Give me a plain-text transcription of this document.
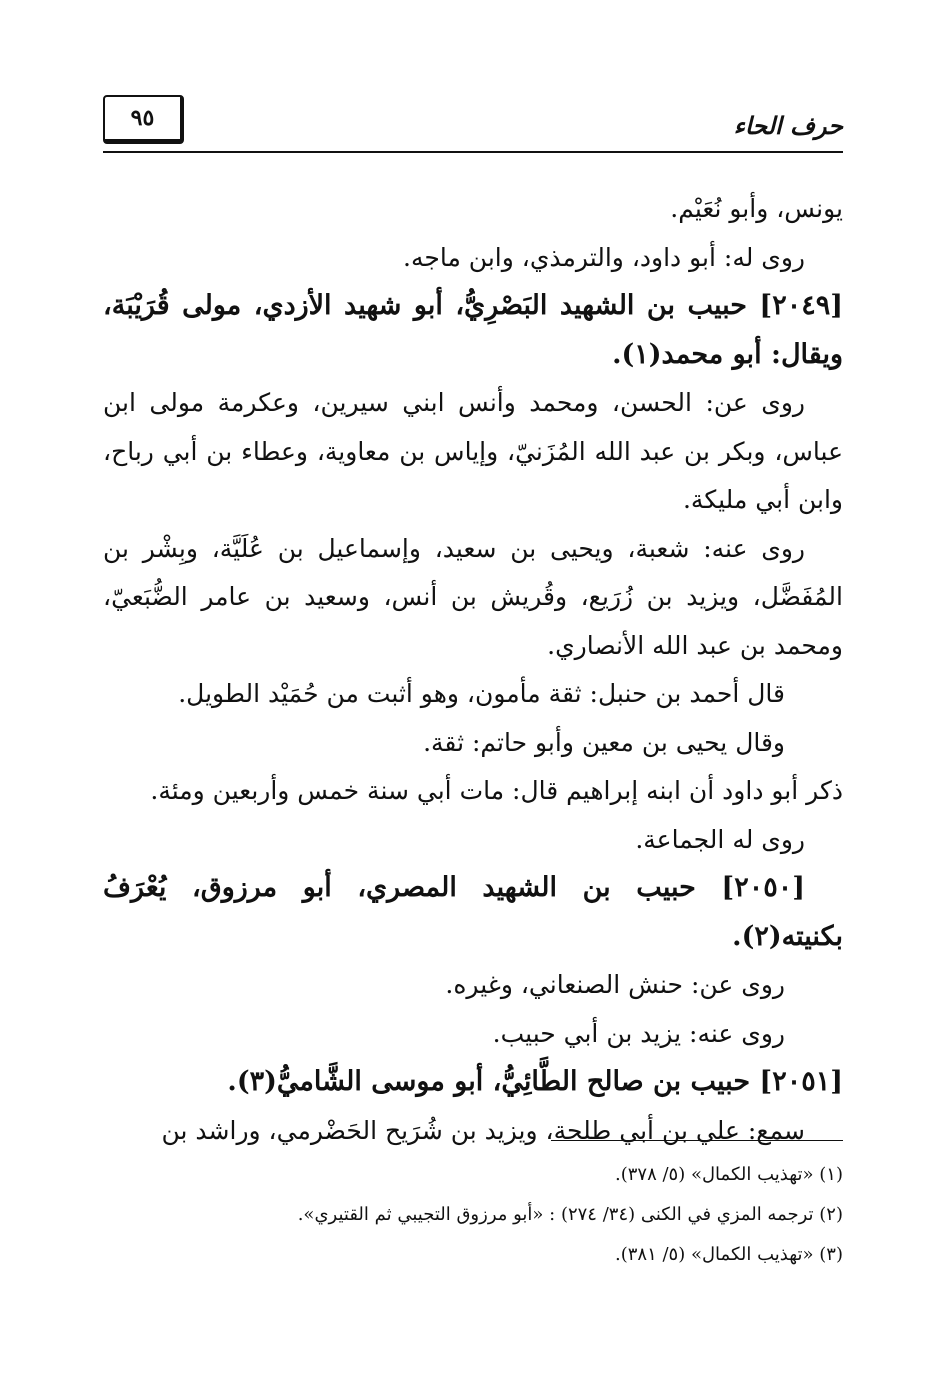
حرف الحاء
٩٥

يونس، وأبو نُعَيْم.

روى له: أبو داود، والترمذي، وابن ماجه.

[٢٠٤٩] حبيب بن الشهيد البَصْرِيُّ، أبو شهيد الأزدي، مولى قُرَيْبَة، ويقال: أبو محمد(١).

روى عن: الحسن، ومحمد وأنس ابني سيرين، وعكرمة مولى ابن عباس، وبكر بن عبد الله المُزَنيّ، وإياس بن معاوية، وعطاء بن أبي رباح، وابن أبي مليكة.

روى عنه: شعبة، ويحيى بن سعيد، وإسماعيل بن عُلَيَّة، وبِشْر بن المُفَضَّل، ويزيد بن زُرَيع، وقُريش بن أنس، وسعيد بن عامر الضُّبَعيّ، ومحمد بن عبد الله الأنصاري.

قال أحمد بن حنبل: ثقة مأمون، وهو أثبت من حُمَيْد الطويل.

وقال يحيى بن معين وأبو حاتم: ثقة.

ذكر أبو داود أن ابنه إبراهيم قال: مات أبي سنة خمس وأربعين ومئة.

روى له الجماعة.

[٢٠٥٠] حبيب بن الشهيد المصري، أبو مرزوق، يُعْرَفُ بكنيته(٢).

روى عن: حنش الصنعاني، وغيره.

روى عنه: يزيد بن أبي حبيب.

[٢٠٥١] حبيب بن صالح الطَّائِيُّ، أبو موسى الشَّاميُّ(٣).

سمع: علي بن أبي طلحة، ويزيد بن شُرَيح الحَضْرمي، وراشد بن

(١) «تهذيب الكمال» (٥/ ٣٧٨).

(٢) ترجمه المزي في الكنى (٣٤/ ٢٧٤) : «أبو مرزوق التجيبي ثم القتيري».

(٣) «تهذيب الكمال» (٥/ ٣٨١).
